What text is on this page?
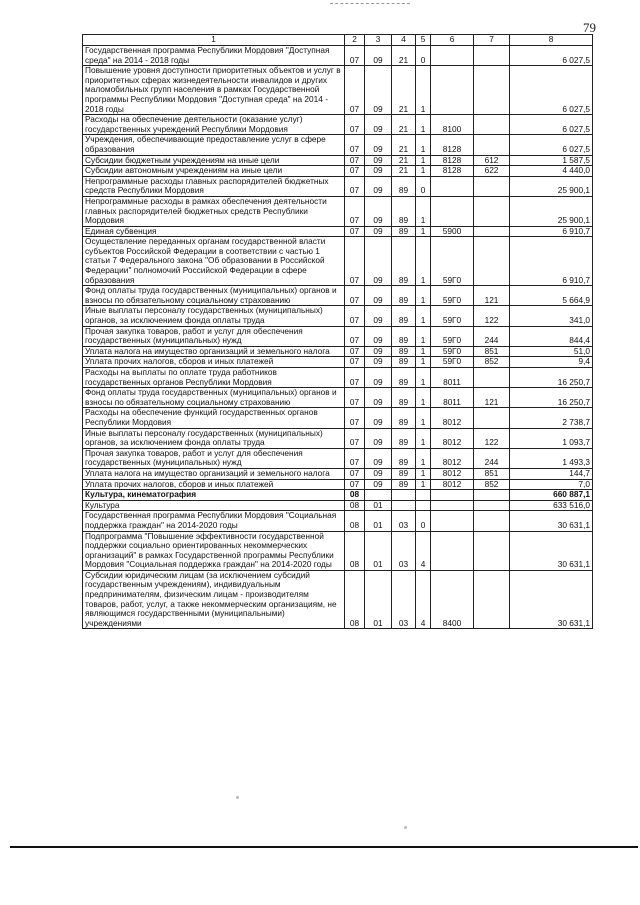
79
1	2	3	4	5	6	7	8
Государственная программа Республики Мордовия "Доступная среда" на 2014 - 2018 годы	07	09	21	0			6 027,5
Повышение уровня доступности приоритетных объектов и услуг в приоритетных сферах жизнедеятельности инвалидов и других маломобильных групп населения в рамках Государственной программы Республики Мордовия "Доступная среда" на 2014 - 2018 годы	07	09	21	1			6 027,5
Расходы на обеспечение деятельности (оказание услуг) государственных учреждений Республики Мордовия	07	09	21	1	8100		6 027,5
Учреждения, обеспечивающие предоставление услуг в сфере образования	07	09	21	1	8128		6 027,5
Субсидии бюджетным учреждениям на иные цели	07	09	21	1	8128	612	1 587,5
Субсидии автономным учреждениям на иные цели	07	09	21	1	8128	622	4 440,0
Непрограммные расходы главных распорядителей бюджетных средств Республики Мордовия	07	09	89	0			25 900,1
Непрограммные расходы в рамках обеспечения деятельности главных распорядителей бюджетных средств Республики Мордовия	07	09	89	1			25 900,1
Единая субвенция	07	09	89	1	5900		6 910,7
Осуществление переданных органам государственной власти субъектов Российской Федерации в соответствии с частью 1 статьи 7 Федерального закона "Об образовании в Российской Федерации" полномочий Российской Федерации в сфере образования	07	09	89	1	59Г0		6 910,7
Фонд оплаты труда государственных (муниципальных) органов и взносы по обязательному социальному страхованию	07	09	89	1	59Г0	121	5 664,9
Иные выплаты персоналу государственных (муниципальных) органов, за исключением фонда оплаты труда	07	09	89	1	59Г0	122	341,0
Прочая закупка товаров, работ и услуг для обеспечения государственных (муниципальных) нужд	07	09	89	1	59Г0	244	844,4
Уплата налога на имущество организаций и земельного налога	07	09	89	1	59Г0	851	51,0
Уплата прочих налогов, сборов и иных платежей	07	09	89	1	59Г0	852	9,4
Расходы на выплаты по оплате труда работников государственных органов Республики Мордовия	07	09	89	1	8011		16 250,7
Фонд оплаты труда государственных (муниципальных) органов и взносы по обязательному социальному страхованию	07	09	89	1	8011	121	16 250,7
Расходы на обеспечение функций государственных органов Республики Мордовия	07	09	89	1	8012		2 738,7
Иные выплаты персоналу государственных (муниципальных) органов, за исключением фонда оплаты труда	07	09	89	1	8012	122	1 093,7
Прочая закупка товаров, работ и услуг для обеспечения государственных (муниципальных) нужд	07	09	89	1	8012	244	1 493,3
Уплата налога на имущество организаций и земельного налога	07	09	89	1	8012	851	144,7
Уплата прочих налогов, сборов и иных платежей	07	09	89	1	8012	852	7,0
Культура, кинематография	08						660 887,1
Культура	08	01					633 516,0
Государственная программа Республики Мордовия "Социальная поддержка граждан" на 2014-2020 годы	08	01	03	0			30 631,1
Подпрограмма "Повышение эффективности государственной поддержки социально ориентированных некоммерческих организаций" в рамках Государственной программы Республики Мордовия "Социальная поддержка граждан" на 2014-2020 годы	08	01	03	4			30 631,1
Субсидии юридическим лицам (за исключением субсидий государственным учреждениям), индивидуальным предпринимателям, физическим лицам - производителям товаров, работ, услуг, а также некоммерческим организациям, не являющимся государственными (муниципальными) учреждениями	08	01	03	4	8400		30 631,1
